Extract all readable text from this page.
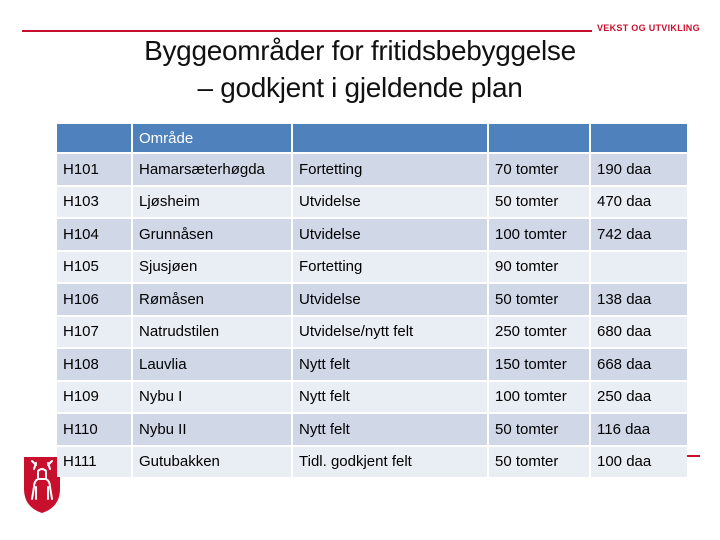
VEKST OG UTVIKLING
Byggeområder for fritidsbebyggelse
– godkjent i gjeldende plan
	Område			
H101	Hamarsæterhøgda	Fortetting	70 tomter	190 daa
H103	Ljøsheim	Utvidelse	50 tomter	470 daa
H104	Grunnåsen	Utvidelse	100 tomter	742 daa
H105	Sjusjøen	Fortetting	90 tomter	
H106	Rømåsen	Utvidelse	50 tomter	138 daa
H107	Natrudstilen	Utvidelse/nytt felt	250 tomter	680 daa
H108	Lauvlia	Nytt felt	150 tomter	668 daa
H109	Nybu I	Nytt felt	100 tomter	250 daa
H110	Nybu II	Nytt felt	50 tomter	116 daa
H111	Gutubakken	Tidl. godkjent felt	50 tomter	100 daa
